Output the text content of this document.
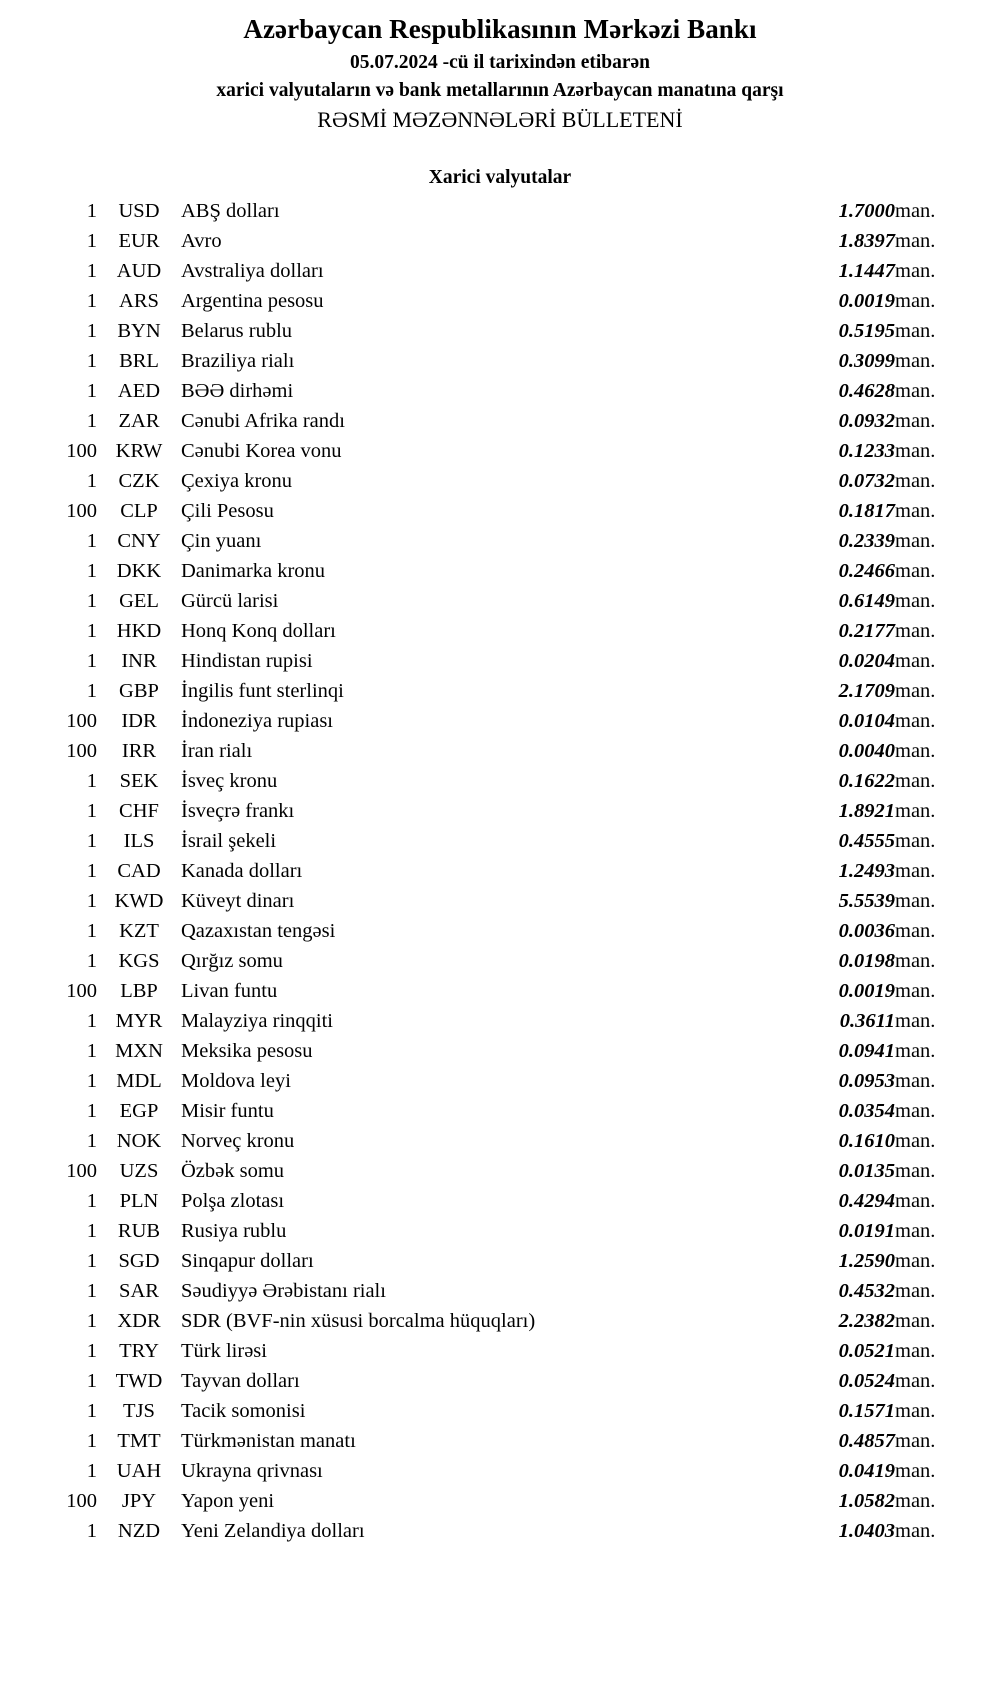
Azərbaycan Respublikasının Mərkəzi Bankı
05.07.2024 -cü il tarixindən etibarən
xarici valyutaların və bank metallarının Azərbaycan manatına qarşı
RƏSMİ MƏZƏNNƏLƏRİ BÜLLETENİ
Xarici valyutalar
1	USD	ABŞ dolları	1.7000	man.
1	EUR	Avro	1.8397	man.
1	AUD	Avstraliya dolları	1.1447	man.
1	ARS	Argentina pesosu	0.0019	man.
1	BYN	Belarus rublu	0.5195	man.
1	BRL	Braziliya rialı	0.3099	man.
1	AED	BƏƏ dirhəmi	0.4628	man.
1	ZAR	Cənubi Afrika randı	0.0932	man.
100	KRW	Cənubi Korea vonu	0.1233	man.
1	CZK	Çexiya kronu	0.0732	man.
100	CLP	Çili Pesosu	0.1817	man.
1	CNY	Çin yuanı	0.2339	man.
1	DKK	Danimarka kronu	0.2466	man.
1	GEL	Gürcü larisi	0.6149	man.
1	HKD	Honq Konq dolları	0.2177	man.
1	INR	Hindistan rupisi	0.0204	man.
1	GBP	İngilis funt sterlinqi	2.1709	man.
100	IDR	İndoneziya rupiası	0.0104	man.
100	IRR	İran rialı	0.0040	man.
1	SEK	İsveç kronu	0.1622	man.
1	CHF	İsveçrə frankı	1.8921	man.
1	ILS	İsrail şekeli	0.4555	man.
1	CAD	Kanada dolları	1.2493	man.
1	KWD	Küveyt dinarı	5.5539	man.
1	KZT	Qazaxıstan tengəsi	0.0036	man.
1	KGS	Qırğız somu	0.0198	man.
100	LBP	Livan funtu	0.0019	man.
1	MYR	Malayziya rinqqiti	0.3611	man.
1	MXN	Meksika pesosu	0.0941	man.
1	MDL	Moldova leyi	0.0953	man.
1	EGP	Misir funtu	0.0354	man.
1	NOK	Norveç kronu	0.1610	man.
100	UZS	Özbək somu	0.0135	man.
1	PLN	Polşa zlotası	0.4294	man.
1	RUB	Rusiya rublu	0.0191	man.
1	SGD	Sinqapur dolları	1.2590	man.
1	SAR	Səudiyyə Ərəbistanı rialı	0.4532	man.
1	XDR	SDR (BVF-nin xüsusi borcalma hüquqları)	2.2382	man.
1	TRY	Türk lirəsi	0.0521	man.
1	TWD	Tayvan dolları	0.0524	man.
1	TJS	Tacik somonisi	0.1571	man.
1	TMT	Türkmənistan manatı	0.4857	man.
1	UAH	Ukrayna qrivnası	0.0419	man.
100	JPY	Yapon yeni	1.0582	man.
1	NZD	Yeni Zelandiya dolları	1.0403	man.
